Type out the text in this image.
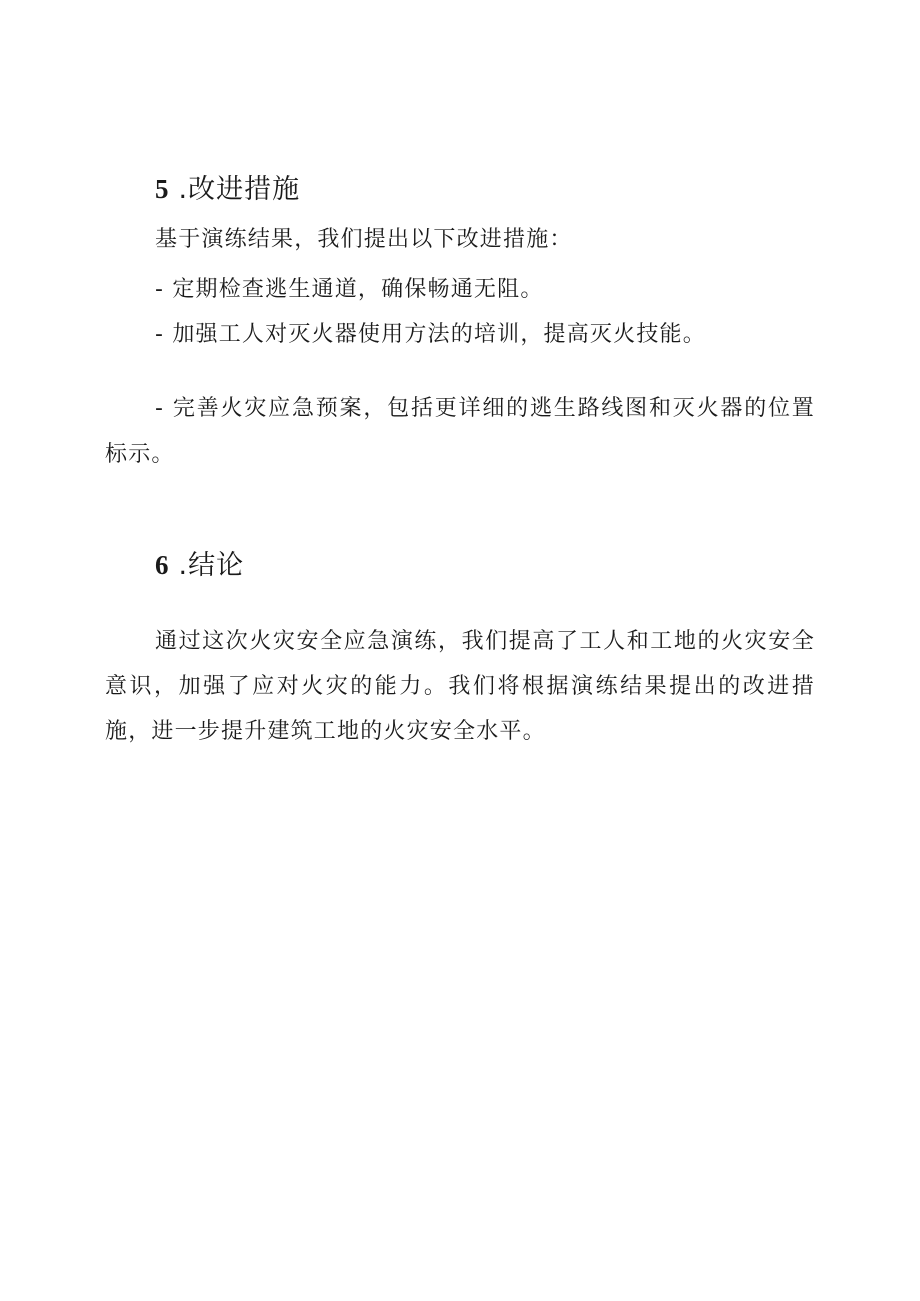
5 .改进措施
基于演练结果，我们提出以下改进措施：
- 定期检查逃生通道，确保畅通无阻。
- 加强工人对灭火器使用方法的培训，提高灭火技能。
- 完善火灾应急预案，包括更详细的逃生路线图和灭火器的位置标示。
6 .结论
通过这次火灾安全应急演练，我们提高了工人和工地的火灾安全意识，加强了应对火灾的能力。我们将根据演练结果提出的改进措施，进一步提升建筑工地的火灾安全水平。
